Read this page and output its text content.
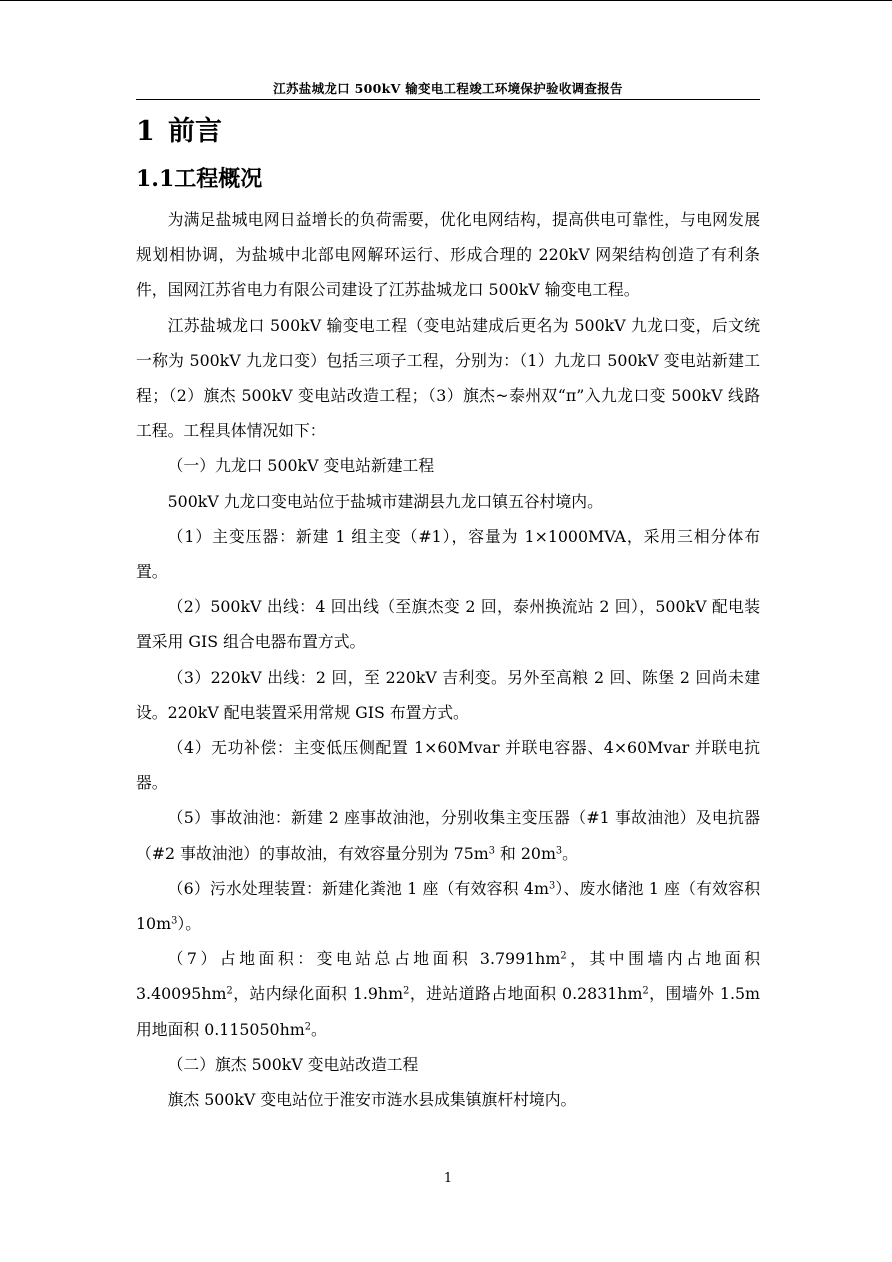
江苏盐城龙口 500kV 输变电工程竣工环境保护验收调查报告
1 前言
1.1工程概况

为满足盐城电网日益增长的负荷需要，优化电网结构，提高供电可靠性，与电网发展规划相协调，为盐城中北部电网解环运行、形成合理的 220kV 网架结构创造了有利条件，国网江苏省电力有限公司建设了江苏盐城龙口 500kV 输变电工程。

江苏盐城龙口 500kV 输变电工程（变电站建成后更名为 500kV 九龙口变，后文统一称为 500kV 九龙口变）包括三项子工程，分别为：（1）九龙口 500kV 变电站新建工程；（2）旗杰 500kV 变电站改造工程；（3）旗杰~泰州双“π”入九龙口变 500kV 线路工程。工程具体情况如下：

（一）九龙口 500kV 变电站新建工程

500kV 九龙口变电站位于盐城市建湖县九龙口镇五谷村境内。

（1）主变压器：新建 1 组主变（#1），容量为 1×1000MVA，采用三相分体布置。

（2）500kV 出线：4 回出线（至旗杰变 2 回，泰州换流站 2 回），500kV 配电装置采用 GIS 组合电器布置方式。

（3）220kV 出线：2 回，至 220kV 吉利变。另外至高粮 2 回、陈堡 2 回尚未建设。220kV 配电装置采用常规 GIS 布置方式。

（4）无功补偿：主变低压侧配置 1×60Mvar 并联电容器、4×60Mvar 并联电抗器。

（5）事故油池：新建 2 座事故油池，分别收集主变压器（#1 事故油池）及电抗器（#2 事故油池）的事故油，有效容量分别为 $75m^3$ 和 $20m^3$。

（6）污水处理装置：新建化粪池 1 座（有效容积 $4m^3$）、废水储池 1 座（有效容积 $10m^3$）。

（7）占地面积：变电站总占地面积 $3.7991hm^2$，其中围墙内占地面积 $3.40095hm^2$，站内绿化面积 $1.9hm^2$，进站道路占地面积 $0.2831hm^2$，围墙外 1.5m 用地面积 $0.115050hm^2$。

（二）旗杰 500kV 变电站改造工程

旗杰 500kV 变电站位于淮安市涟水县成集镇旗杆村境内。

1
